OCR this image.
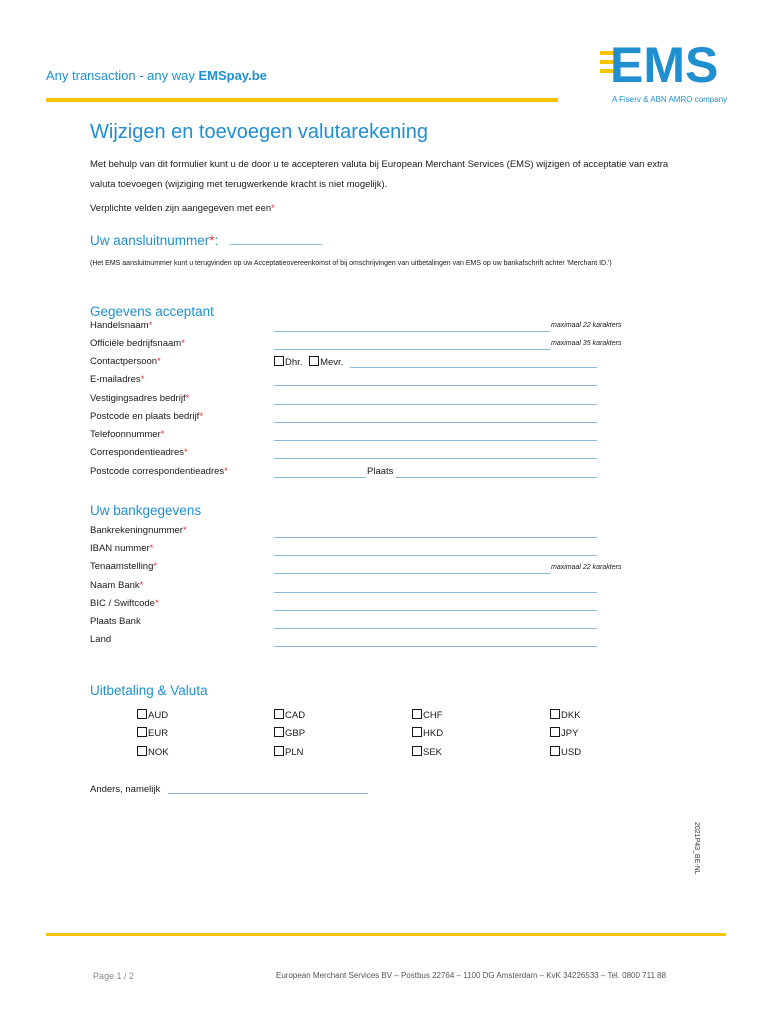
Any transaction - any way EMSpay.be	EMS
A Fiserv & ABN AMRO company
Wijzigen en toevoegen valutarekening
Met behulp van dit formulier kunt u de door u te accepteren valuta bij European Merchant Services (EMS) wijzigen of acceptatie van extra valuta toevoegen (wijziging met terugwerkende kracht is niet mogelijk).
Verplichte velden zijn aangegeven met een*
Uw aansluitnummer*:
(Het EMS aansluitnummer kunt u terugvinden op uw Acceptatieovereenkomst of bij omschrijvingen van uitbetalingen van EMS op uw bankafschrift achter 'Merchant ID.')
Gegevens acceptant
Handelsnaam*	maximaal 22 karakters
Officiële bedrijfsnaam*	maximaal 35 karakters
Contactpersoon*	Dhr. Mevr.
E-mailadres*
Vestigingsadres bedrijf*
Postcode en plaats bedrijf*
Telefoonnummer*
Correspondentieadres*
Postcode correspondentieadres*	Plaats
Uw bankgegevens
Bankrekeningnummer*
IBAN nummer*
Tenaamstelling*	maximaal 22 karakters
Naam Bank*
BIC / Swiftcode*
Plaats Bank
Land
Uitbetaling & Valuta
AUD	CAD	CHF	DKK
EUR	GBP	HKD	JPY
NOK	PLN	SEK	USD
Anders, namelijk
2021P43_BE-NL
Page 1 / 2	European Merchant Services BV – Postbus 22764 – 1100 DG Amsterdam – KvK 34226533 – Tel. 0800 711 88
